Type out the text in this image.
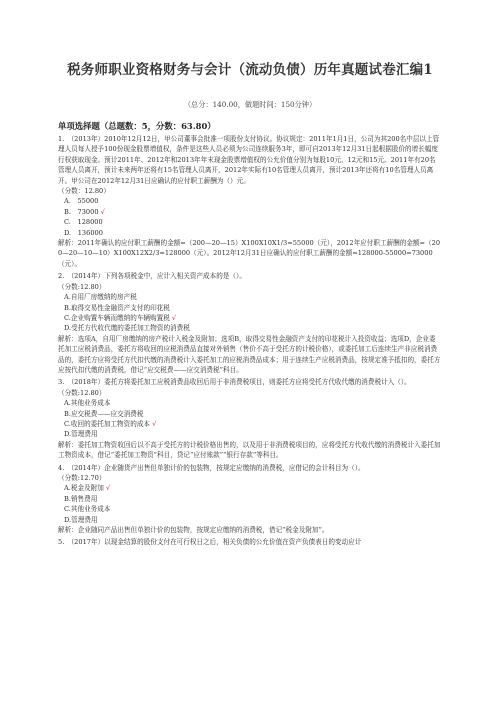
税务师职业资格财务与会计（流动负债）历年真题试卷汇编1
（总分：140.00，做题时间：150分钟）
单项选择题（总题数：5，分数：63.80）

1.　（2013年）2010年12月12日，甲公司董事会批准一项股份支付协议。协议规定：2011年1月1日，公司为其200名中层以上管理人员每人授予100份现金股票增值权，条件是这些人员必须为公司连续服务3年，即可自2013年12月31日起根据股价的增长幅度行权获取现金。预计2011年、2012年和2013年年末现金股票增值权的公允价值分别为每股10元、12元和15元。2011年有20名管理人员离开，预计未来两年还将有15名管理人员离开，2012年实际有10名管理人员离开，预计2013年还将有10名管理人员离开。甲公司在2012年12月31日应确认的应付职工薪酬为（）元。

（分数：12.80）

A.　55000

B.　73000 √

C.　128000

D.　136000

解析：2011年确认的应付职工薪酬的金额=（200—20—15）X100X10X1/3=55000（元），2012年应付职工薪酬的金额=（200—20—10—10）X100X12X2/3=128000（元）。2012年12月31日应确认的应付职工薪酬的金额=128000-55000=73000（元）。

2.　（2014年）下列各项税金中，应计入相关资产成本的是（）。

（分数:12.80）

A.自用厂房缴纳的房产税

B.取得交易性金融资产支付的印花税

C.企业购置车辆而缴纳的车辆购置税 √

D.受托方代收代缴的委托加工物资的消费税

解析：选项A，自用厂房缴纳的房产税计入税金及附加；选项B，取得交易性金融资产支付的印花税计入投资收益；选项D，企业委托加工应税消费品，委托方将收回的应税消费品直接对外销售（售价不高于受托方的计税价格），或委托加工后连续生产非应税消费品的，委托方应将受托方代扣代缴的消费税计入委托加工的应税消费品成本；用于连续生产应税消费品，按规定准予抵扣的，委托方应按代扣代缴的消费税，借记“应交税费——应交消费税”科目。

3.　（2018年）委托方将委托加工应税消费品收回后用于非消费税项目，则委托方应将受托方代收代缴的消费税计入（）。

（分数:12.80）

A.其他业务成本

B.应交税费——应交消费税

C.收回的委托加工物资的成本 √

D.管理费用

解析：委托加工物资收回后以不高于受托方的计税价格出售的，以及用于非消费税项目的，应将受托方代收代缴的消费税计入委托加工物资成本，借记“委托加工物资”科目，贷记“应付账款”“银行存款”等科目。

4.　（2014年）企业随货产出售但单独计价的包装物，按规定应缴纳的消费税，应借记的会计科目为（）。

（分数:12.70）

A.税金及附加 √

B.销售费用

C.其他业务成本

D.管理费用

解析：企业随同产品出售但单独计价的包装物，按规定应缴纳的消费税，借记“税金及附加”。

5.　（2017年）以现金结算的股份支付在可行权日之后，相关负债的公允价值在资产负债表日的变动应计
